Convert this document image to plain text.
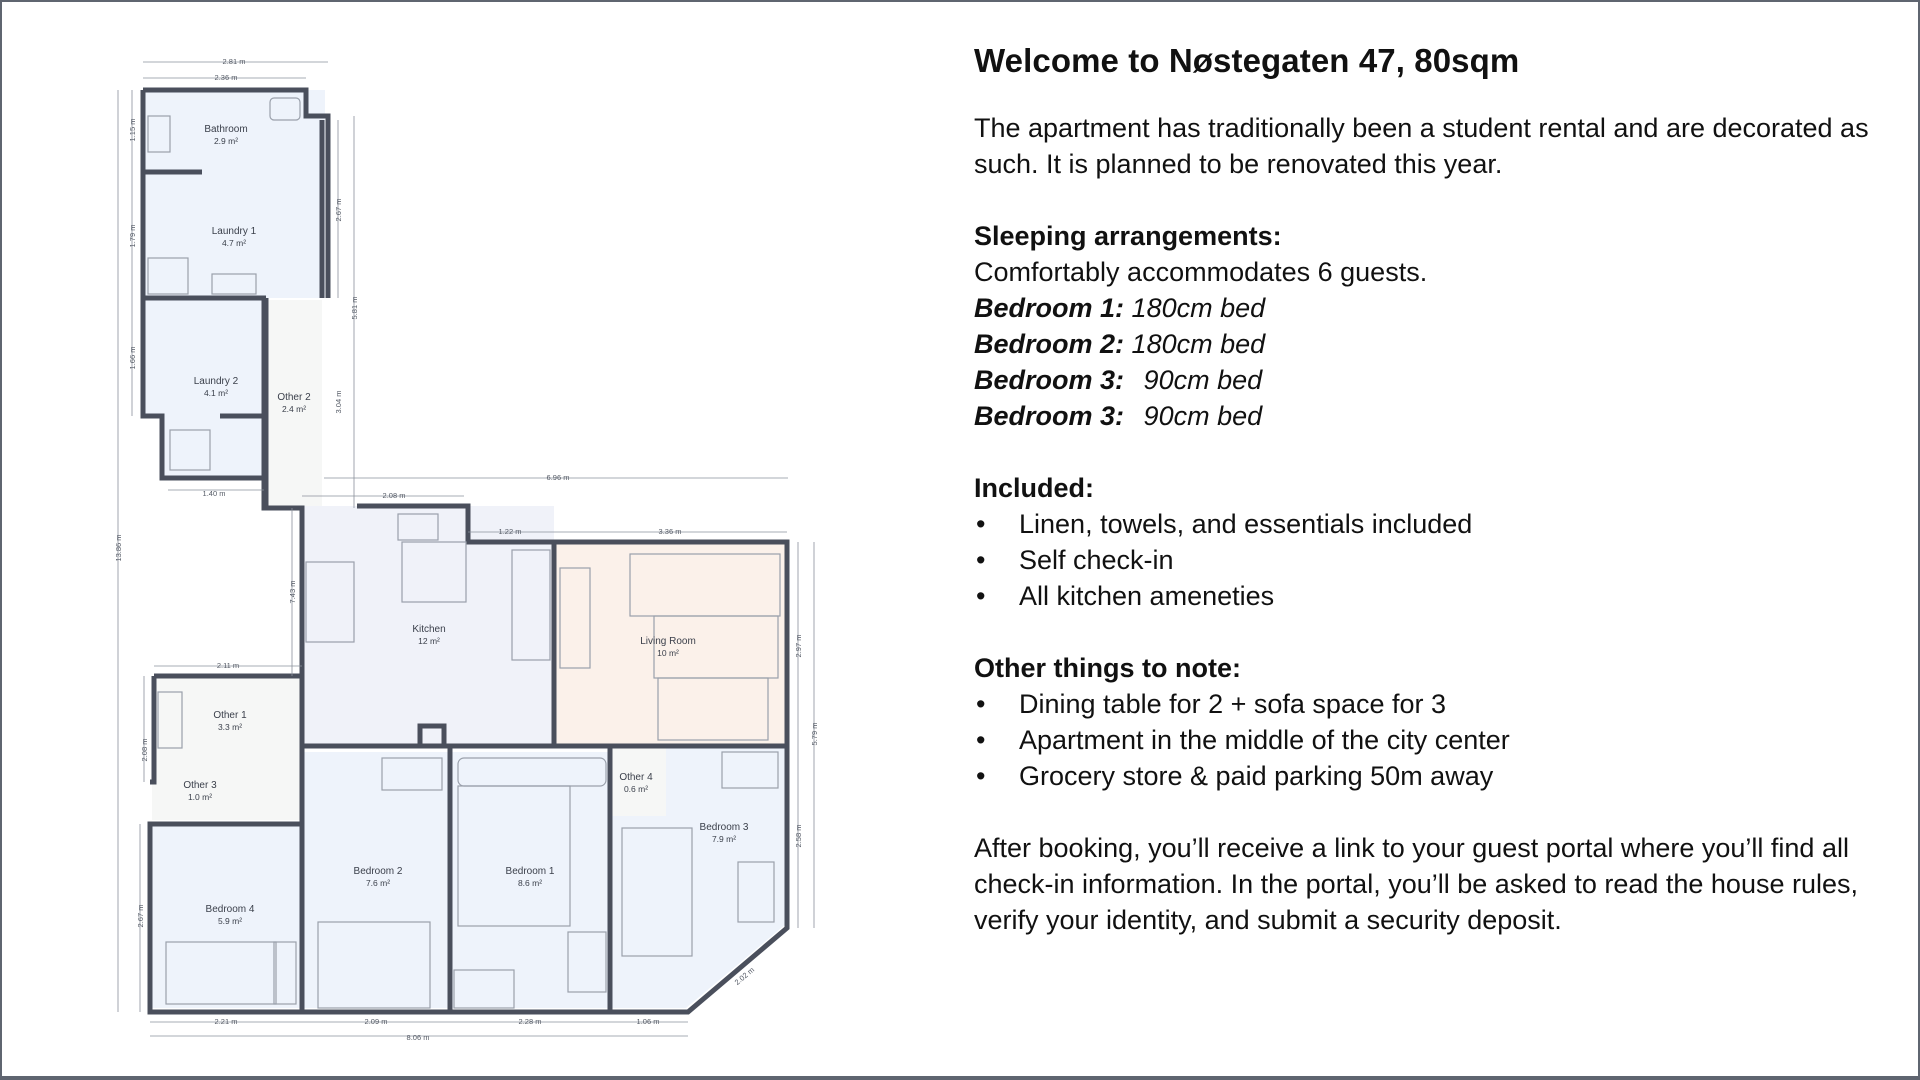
Bathroom
2.9 m²
Laundry 1
4.7 m²
Laundry 2
4.1 m²	Other 2
2.4 m²
Kitchen
12 m²	Living Room
10 m²
Other 1
3.3 m²
Other 3
1.0 m²
Other 4
0.6 m²
Bedroom 4
5.9 m²
Bedroom 2
7.6 m²
Bedroom 1
8.6 m²
Bedroom 3
7.9 m²
2.81 m
2.36 m
1.15 m
1.79 m
1.66 m
2.67 m
5.81 m
3.04 m
13.86 m
1.40 m
6.96 m
2.08 m
1.22 m	3.36 m
7.43 m
2.11 m
2.97 m
5.79 m
2.08 m
2.58 m
2.67 m
2.02 m
2.21 m	2.09 m	2.28 m	1.06 m
8.06 m
Welcome to Nøstegaten 47, 80sqm
The apartment has traditionally been a student rental and are decorated as such. It is planned to be renovated this year.
Sleeping arrangements:
Comfortably accommodates 6 guests.
Bedroom 1: 180cm bed
Bedroom 2: 180cm bed
Bedroom 3: 90cm bed
Bedroom 3: 90cm bed
Included:
• Linen, towels, and essentials included
• Self check-in
• All kitchen ameneties
Other things to note:
• Dining table for 2 + sofa space for 3
• Apartment in the middle of the city center
• Grocery store & paid parking 50m away
After booking, you’ll receive a link to your guest portal where you’ll find all check-in information. In the portal, you’ll be asked to read the house rules, verify your identity, and submit a security deposit.
